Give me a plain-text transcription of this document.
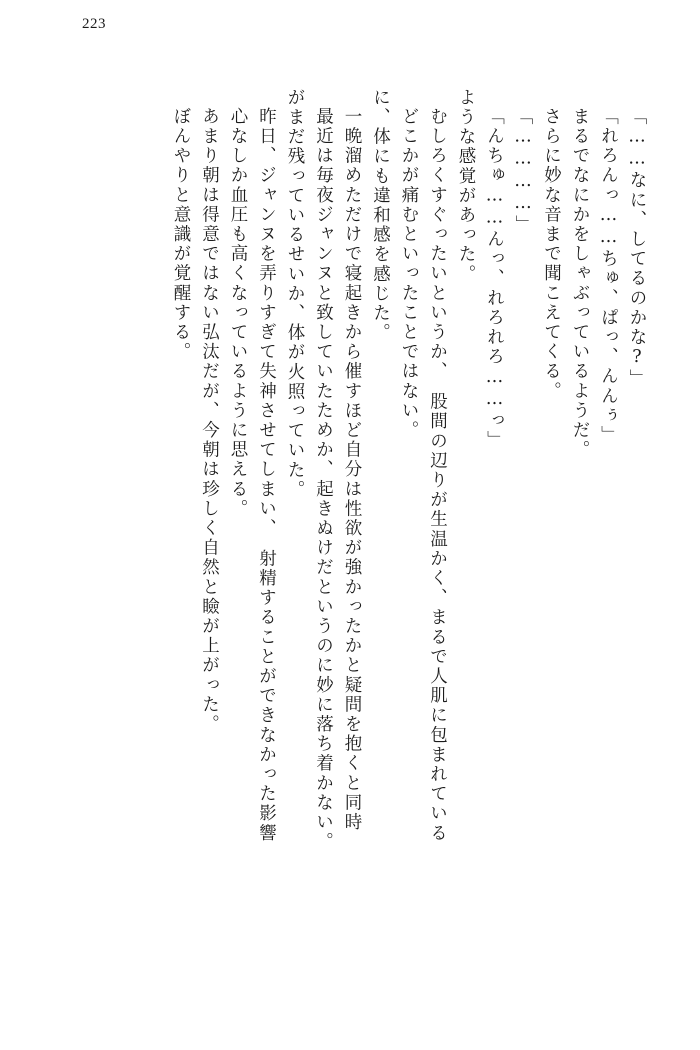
223
ぼんやりと意識が覚醒する。 あまり朝は得意ではない弘汰だが、今朝は珍しく自然と瞼が上がった。 心なしか血圧も高くなっているように思える。 昨日、ジャンヌを弄りすぎて失神させてしまい、　射精することができなかった影響 がまだ残っているせいか、体が火照っていた。 最近は毎夜ジャンヌと致していたためか、起きぬけだというのに妙に落ち着かない。 一晩溜めただけで寝起きから催すほど自分は性欲が強かったかと疑問を抱くと同時 に、体にも違和感を感じた。 どこかが痛むといったことではない。 むしろくすぐったいというか、　股間の辺りが生温かく、まるで人肌に包まれている ような感覚があった。 「んちゅ……んっ、れろれろ……っ」 「…………」 さらに妙な音まで聞こえてくる。 まるでなにかをしゃぶっているようだ。 「れろんっ……ちゅ、ぱっ、んんぅ」 「……なに、してるのかな?」
